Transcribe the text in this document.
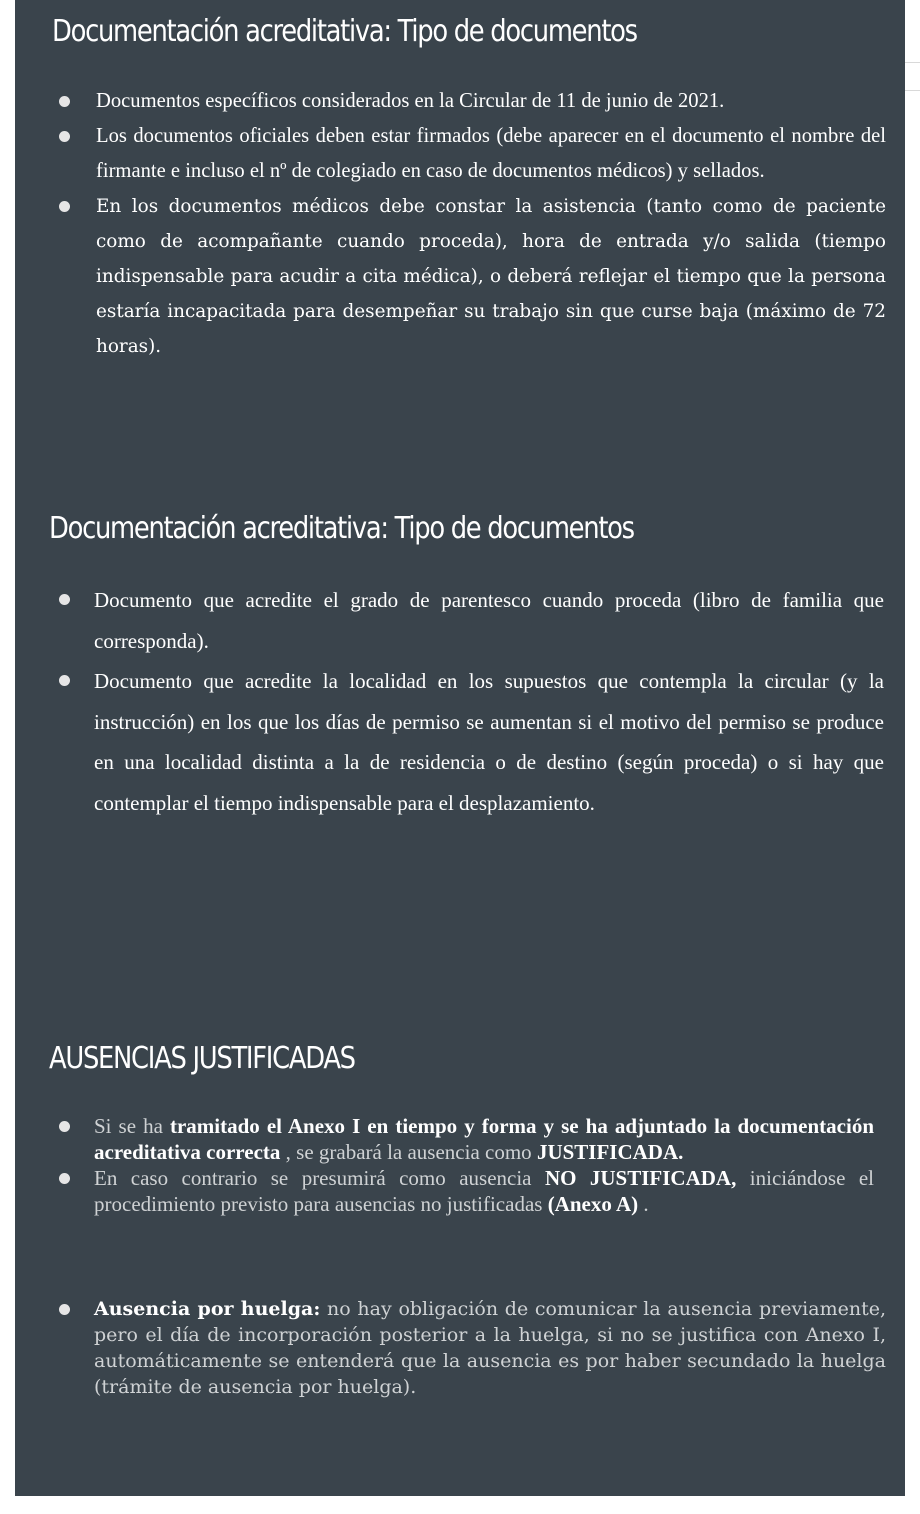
Documentación acreditativa: Tipo de documentos
Documentos específicos considerados en la Circular de 11 de junio de 2021.
Los documentos oficiales deben estar firmados (debe aparecer en el documento el nombre del firmante e incluso el nº de colegiado en caso de documentos médicos) y sellados.
En los documentos médicos debe constar la asistencia (tanto como de paciente como de acompañante cuando proceda), hora de entrada y/o salida (tiempo indispensable para acudir a cita médica), o deberá reflejar el tiempo que la persona estaría incapacitada para desempeñar su trabajo sin que curse baja (máximo de 72 horas).
Documentación acreditativa: Tipo de documentos
Documento que acredite el grado de parentesco cuando proceda (libro de familia que corresponda).
Documento que acredite la localidad en los supuestos que contempla la circular (y la instrucción) en los que los días de permiso se aumentan si el motivo del permiso se produce en una localidad distinta a la de residencia o de destino (según proceda) o si hay que contemplar el tiempo indispensable para el desplazamiento.
AUSENCIAS JUSTIFICADAS
Si se ha tramitado el Anexo I en tiempo y forma y se ha adjuntado la documentación acreditativa correcta , se grabará la ausencia como JUSTIFICADA.
En caso contrario se presumirá como ausencia NO JUSTIFICADA, iniciándose el procedimiento previsto para ausencias no justificadas (Anexo A) .
Ausencia por huelga: no hay obligación de comunicar la ausencia previamente, pero el día de incorporación posterior a la huelga, si no se justifica con Anexo I, automáticamente se entenderá que la ausencia es por haber secundado la huelga (trámite de ausencia por huelga).
